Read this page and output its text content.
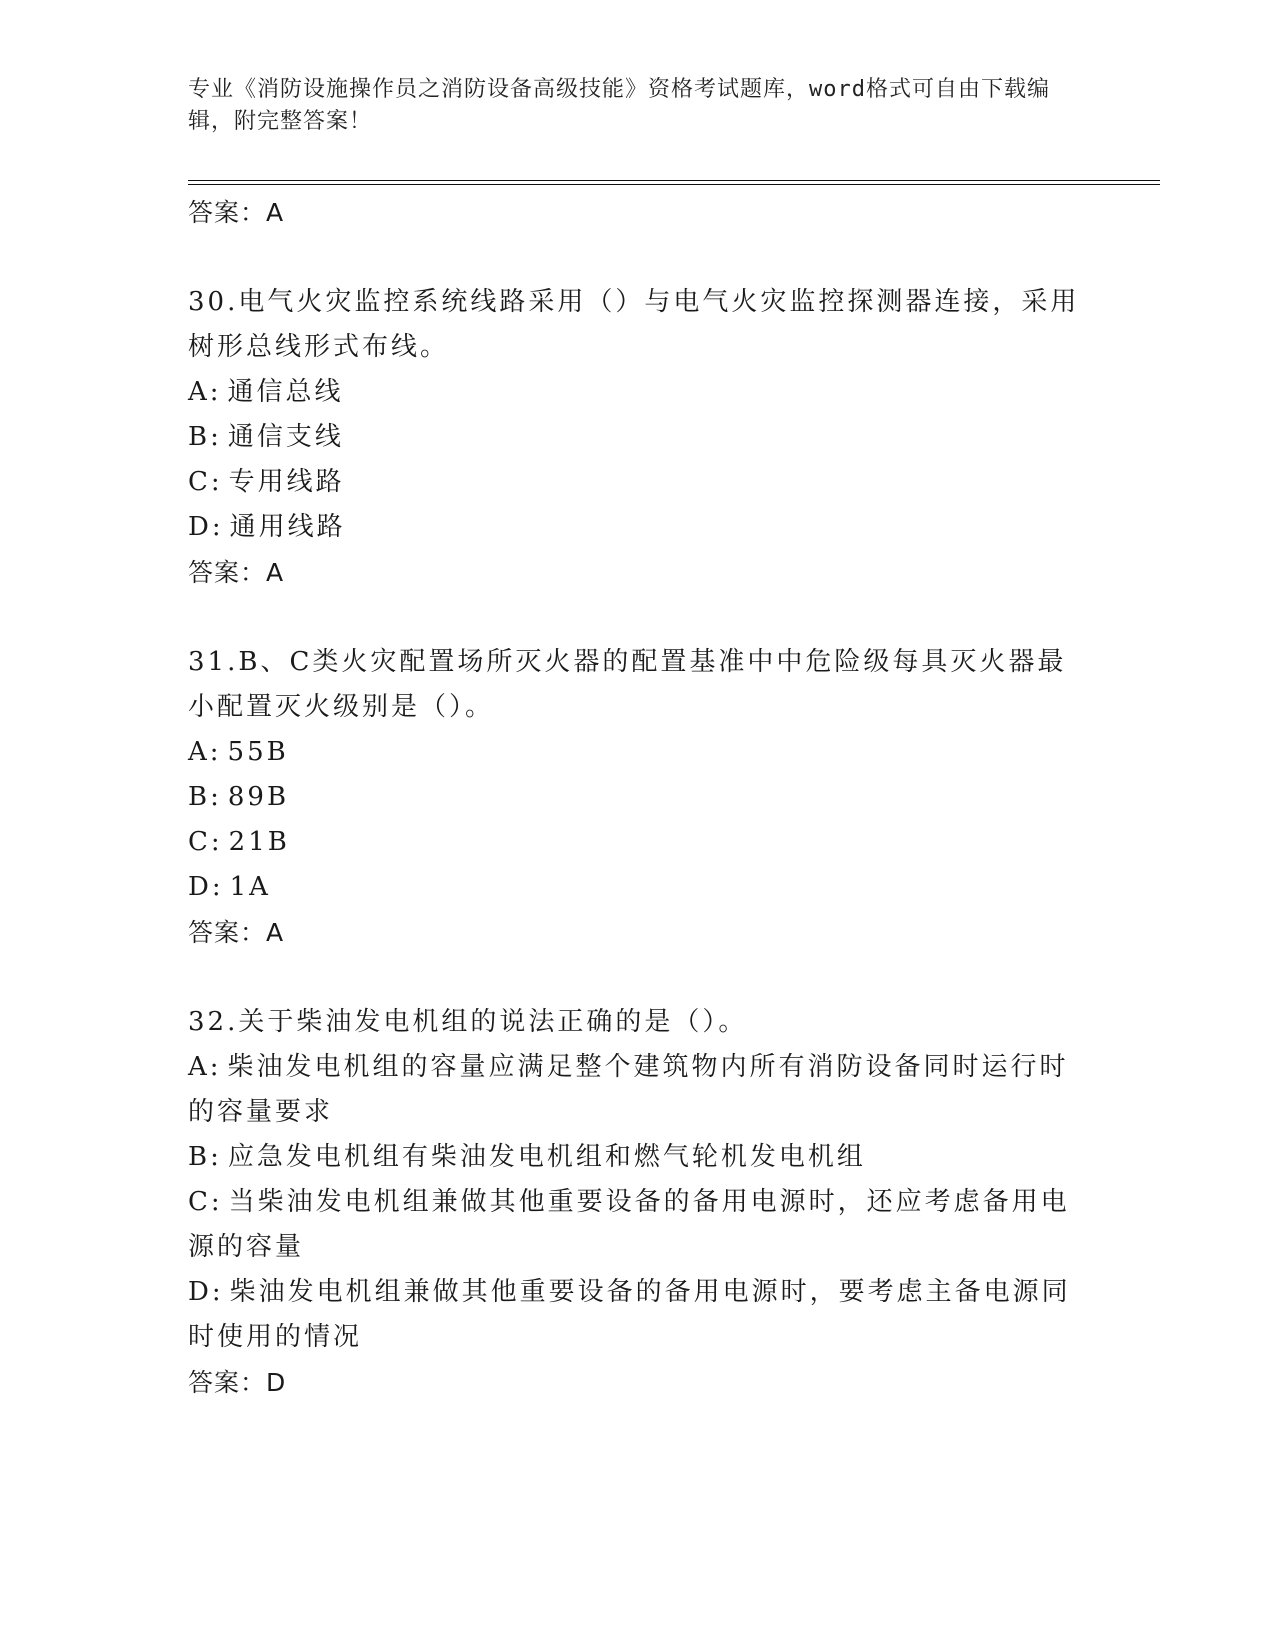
专业《消防设施操作员之消防设备高级技能》资格考试题库，word格式可自由下载编辑，附完整答案！
答案：A
30.电气火灾监控系统线路采用（）与电气火灾监控探测器连接，采用树形总线形式布线。
A: 通信总线
B: 通信支线
C: 专用线路
D: 通用线路
答案：A
31.B、C类火灾配置场所灭火器的配置基准中中危险级每具灭火器最小配置灭火级别是（）。
A: 55B
B: 89B
C: 21B
D: 1A
答案：A
32.关于柴油发电机组的说法正确的是（）。
A: 柴油发电机组的容量应满足整个建筑物内所有消防设备同时运行时的容量要求
B: 应急发电机组有柴油发电机组和燃气轮机发电机组
C: 当柴油发电机组兼做其他重要设备的备用电源时，还应考虑备用电源的容量
D: 柴油发电机组兼做其他重要设备的备用电源时，要考虑主备电源同时使用的情况
答案：D
